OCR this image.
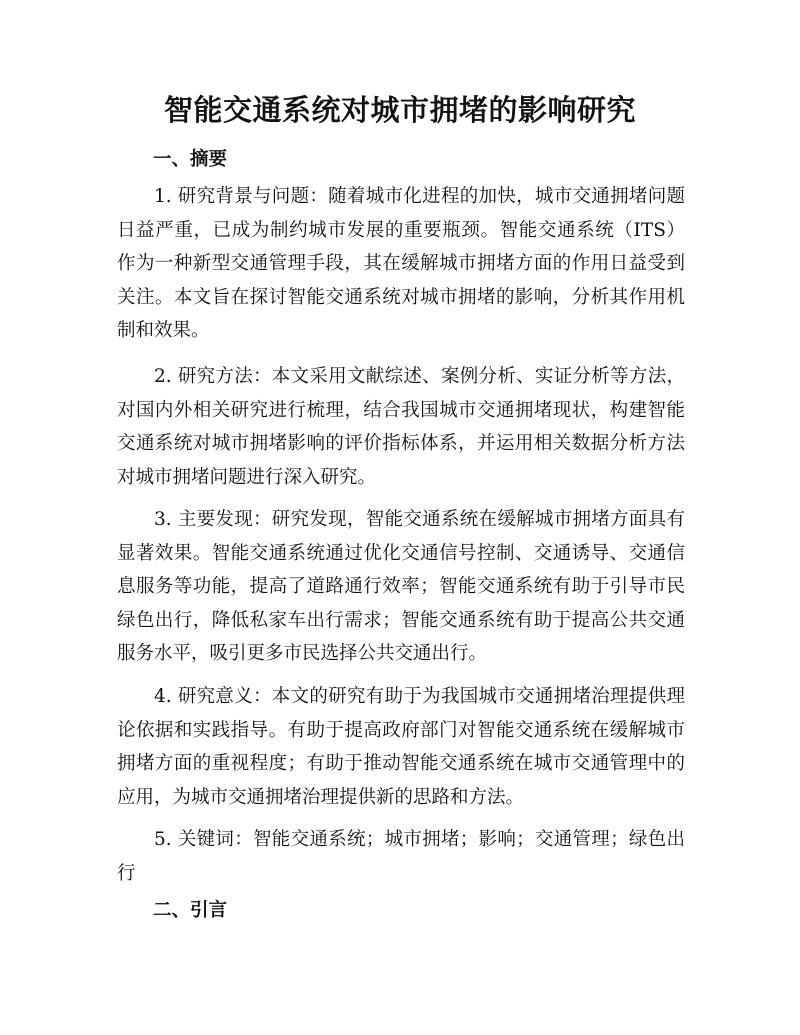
智能交通系统对城市拥堵的影响研究
一、摘要

1. 研究背景与问题：随着城市化进程的加快，城市交通拥堵问题日益严重，已成为制约城市发展的重要瓶颈。智能交通系统（ITS）作为一种新型交通管理手段，其在缓解城市拥堵方面的作用日益受到关注。本文旨在探讨智能交通系统对城市拥堵的影响，分析其作用机制和效果。

2. 研究方法：本文采用文献综述、案例分析、实证分析等方法，对国内外相关研究进行梳理，结合我国城市交通拥堵现状，构建智能交通系统对城市拥堵影响的评价指标体系，并运用相关数据分析方法对城市拥堵问题进行深入研究。

3. 主要发现：研究发现，智能交通系统在缓解城市拥堵方面具有显著效果。智能交通系统通过优化交通信号控制、交通诱导、交通信息服务等功能，提高了道路通行效率；智能交通系统有助于引导市民绿色出行，降低私家车出行需求；智能交通系统有助于提高公共交通服务水平，吸引更多市民选择公共交通出行。

4. 研究意义：本文的研究有助于为我国城市交通拥堵治理提供理论依据和实践指导。有助于提高政府部门对智能交通系统在缓解城市拥堵方面的重视程度；有助于推动智能交通系统在城市交通管理中的应用，为城市交通拥堵治理提供新的思路和方法。

5. 关键词：智能交通系统；城市拥堵；影响；交通管理；绿色出行

二、引言
